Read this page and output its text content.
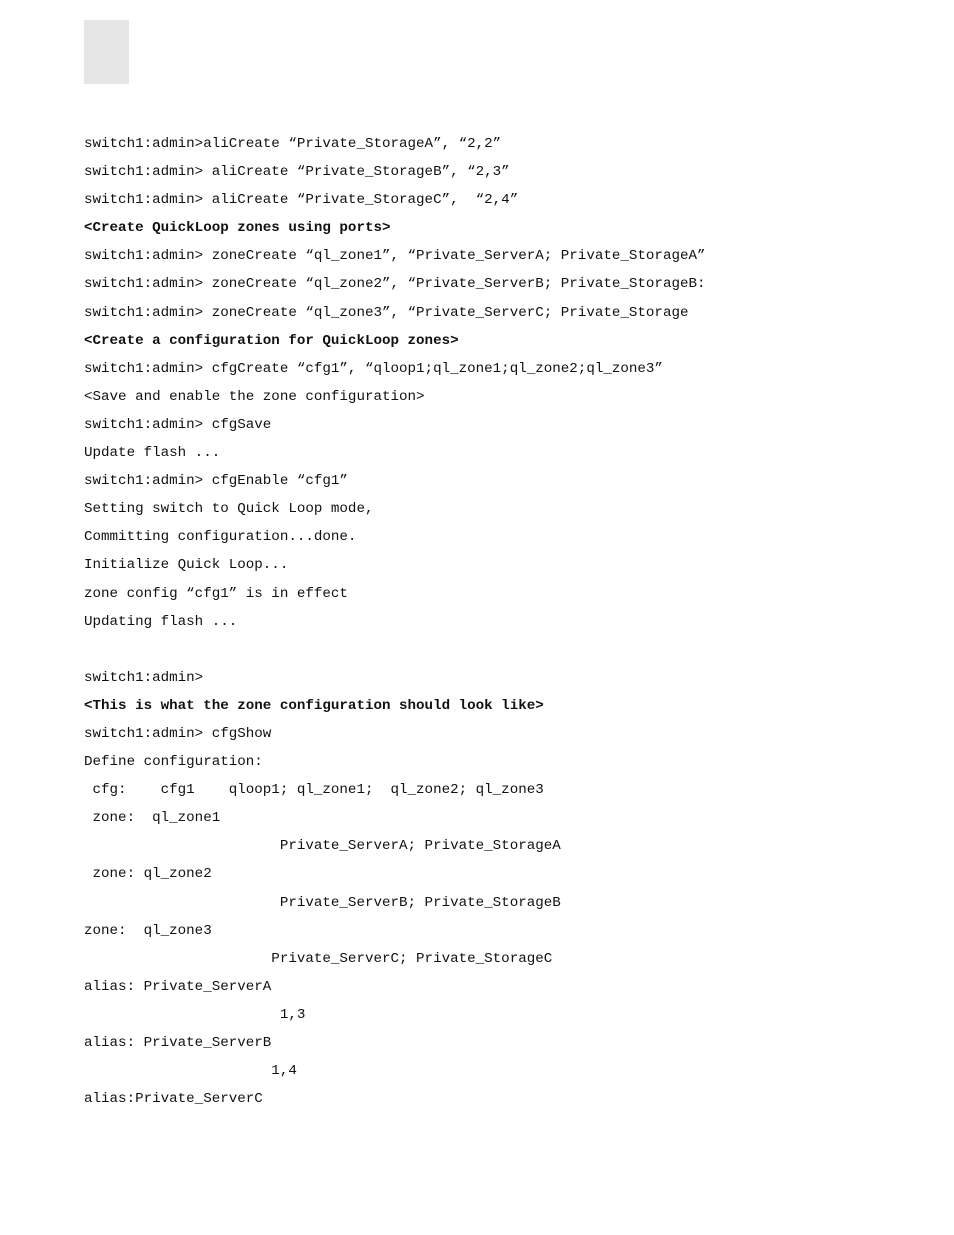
switch1:admin>aliCreate “Private_StorageA”, “2,2”
switch1:admin> aliCreate “Private_StorageB”, “2,3”
switch1:admin> aliCreate “Private_StorageC”,  “2,4”
<Create QuickLoop zones using ports>
switch1:admin> zoneCreate “ql_zone1”, “Private_ServerA; Private_StorageA”
switch1:admin> zoneCreate “ql_zone2”, “Private_ServerB; Private_StorageB:
switch1:admin> zoneCreate “ql_zone3”, “Private_ServerC; Private_Storage
<Create a configuration for QuickLoop zones>
switch1:admin> cfgCreate “cfg1”, “qloop1;ql_zone1;ql_zone2;ql_zone3”
<Save and enable the zone configuration>
switch1:admin> cfgSave
Update flash ...
switch1:admin> cfgEnable “cfg1”
Setting switch to Quick Loop mode,
Committing configuration...done.
Initialize Quick Loop...
zone config “cfg1” is in effect
Updating flash ...
switch1:admin>
<This is what the zone configuration should look like>
switch1:admin> cfgShow
Define configuration:
cfg:    cfg1    qloop1; ql_zone1;  ql_zone2; ql_zone3
zone:  ql_zone1
Private_ServerA; Private_StorageA
zone: ql_zone2
Private_ServerB; Private_StorageB
zone:  ql_zone3
Private_ServerC; Private_StorageC
alias: Private_ServerA
1,3
alias: Private_ServerB
1,4
alias:Private_ServerC
